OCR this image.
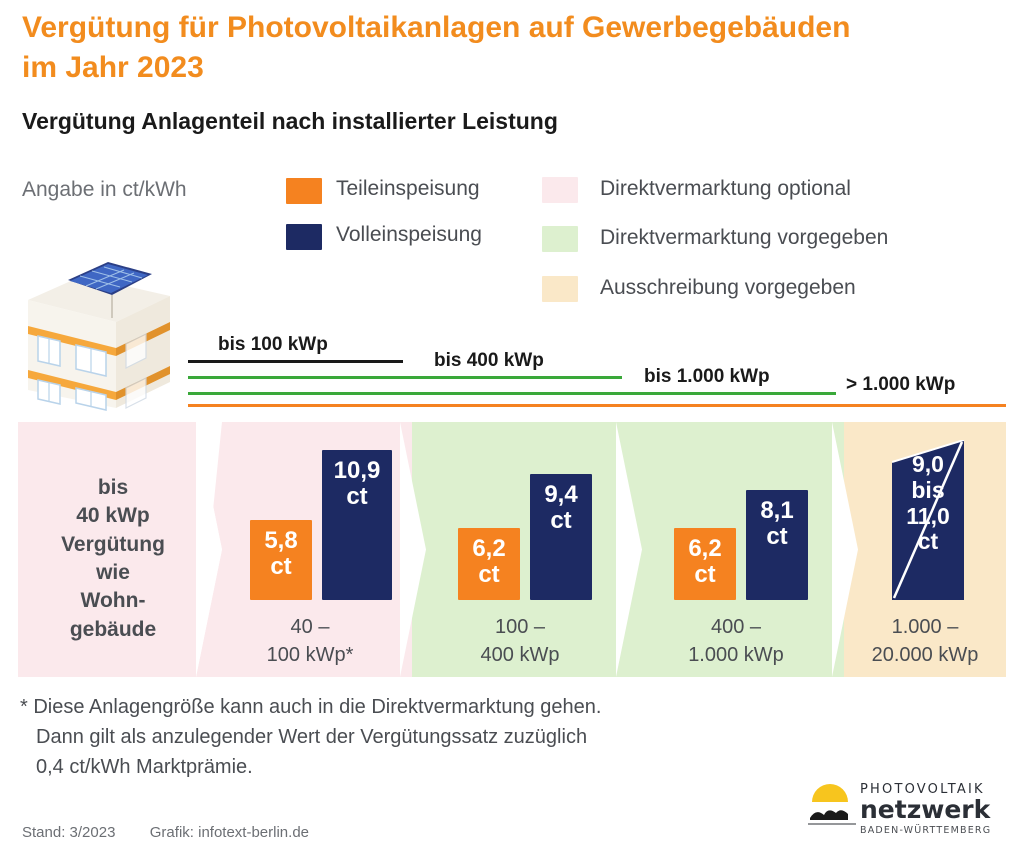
Vergütung für Photovoltaikanlagen auf Gewerbegebäuden im Jahr 2023
Vergütung Anlagenteil nach installierter Leistung
Angabe in ct/kWh	Teileinspeisung
Volleinspeisung
Direktvermarktung optional
Direktvermarktung vorgegeben
Ausschreibung vorgegeben
bis 100 kWp
bis 400 kWp
bis 1.000 kWp	> 1.000 kWp
bis
40 kWp
Vergütung
wie
Wohn-
gebäude
5,8
ct
10,9
ct
40 –
100 kWp*
6,2
ct
9,4
ct
100 –
400 kWp
6,2
ct
8,1
ct
400 –
1.000 kWp
9,0
bis
11,0
ct
1.000 –
20.000 kWp
* Diese Anlagengröße kann auch in die Direktvermarktung gehen.
Dann gilt als anzulegender Wert der Vergütungssatz zuzüglich
0,4 ct/kWh Marktprämie.
Stand: 3/2023 Grafik: infotext-berlin.de
PHOTOVOLTAIK
netzwerk
BADEN-WÜRTTEMBERG
